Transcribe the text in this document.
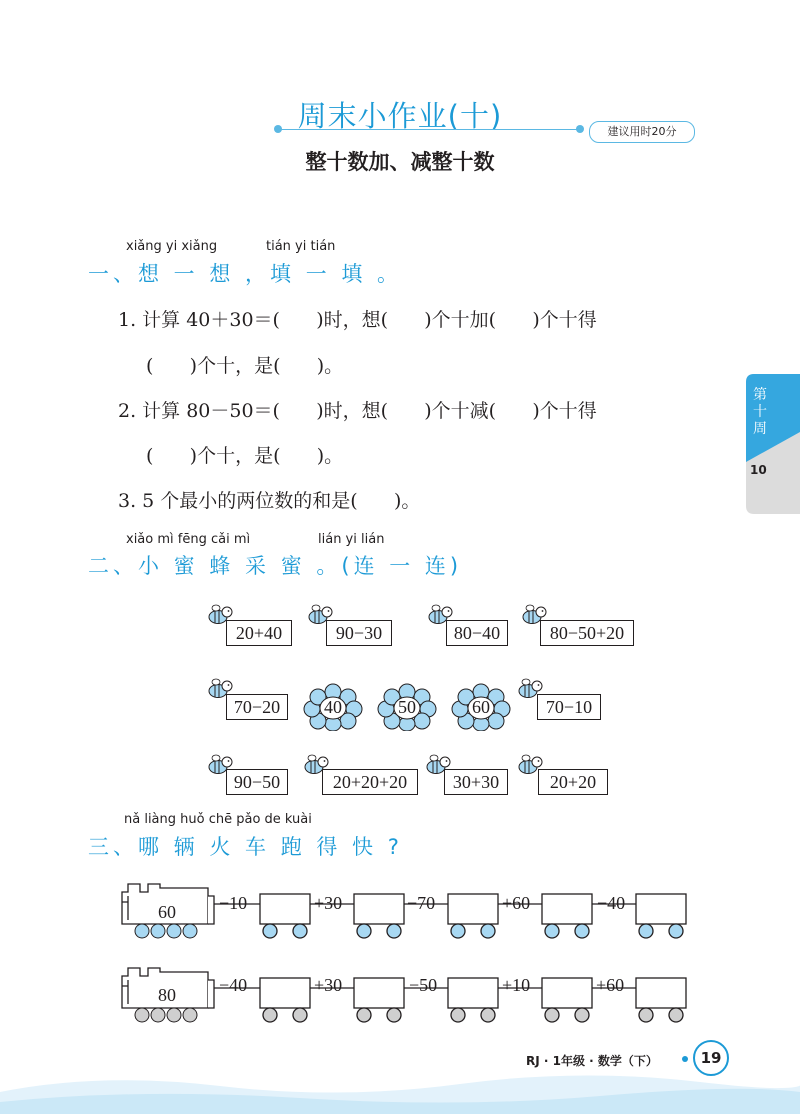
周末小作业(十)	建议用时20分
整十数加、减整十数
第十周
10
xiǎng yi xiǎng	tián yi tián
一、想 一 想 ，填 一 填 。
1. 计算 40＋30＝(      )时，想(      )个十加(      )个十得
(      )个十，是(      )。
2. 计算 80－50＝(      )时，想(      )个十减(      )个十得
(      )个十，是(      )。
3. 5 个最小的两位数的和是(      )。
xiǎo mì fēng cǎi mì	lián yi lián
二、小 蜜 蜂 采 蜜 。(连 一 连)
20+40	90−30	80−40	80−50+20
70−20	40	50	60	70−10
90−50	20+20+20	30+30	20+20
nǎ liàng huǒ chē pǎo de kuài
三、哪 辆 火 车 跑 得 快 ?
60 −10	+30	−70	+60	−40
80 −40	+30	−50	+10	+60
RJ · 1年级 · 数学（下）	19
